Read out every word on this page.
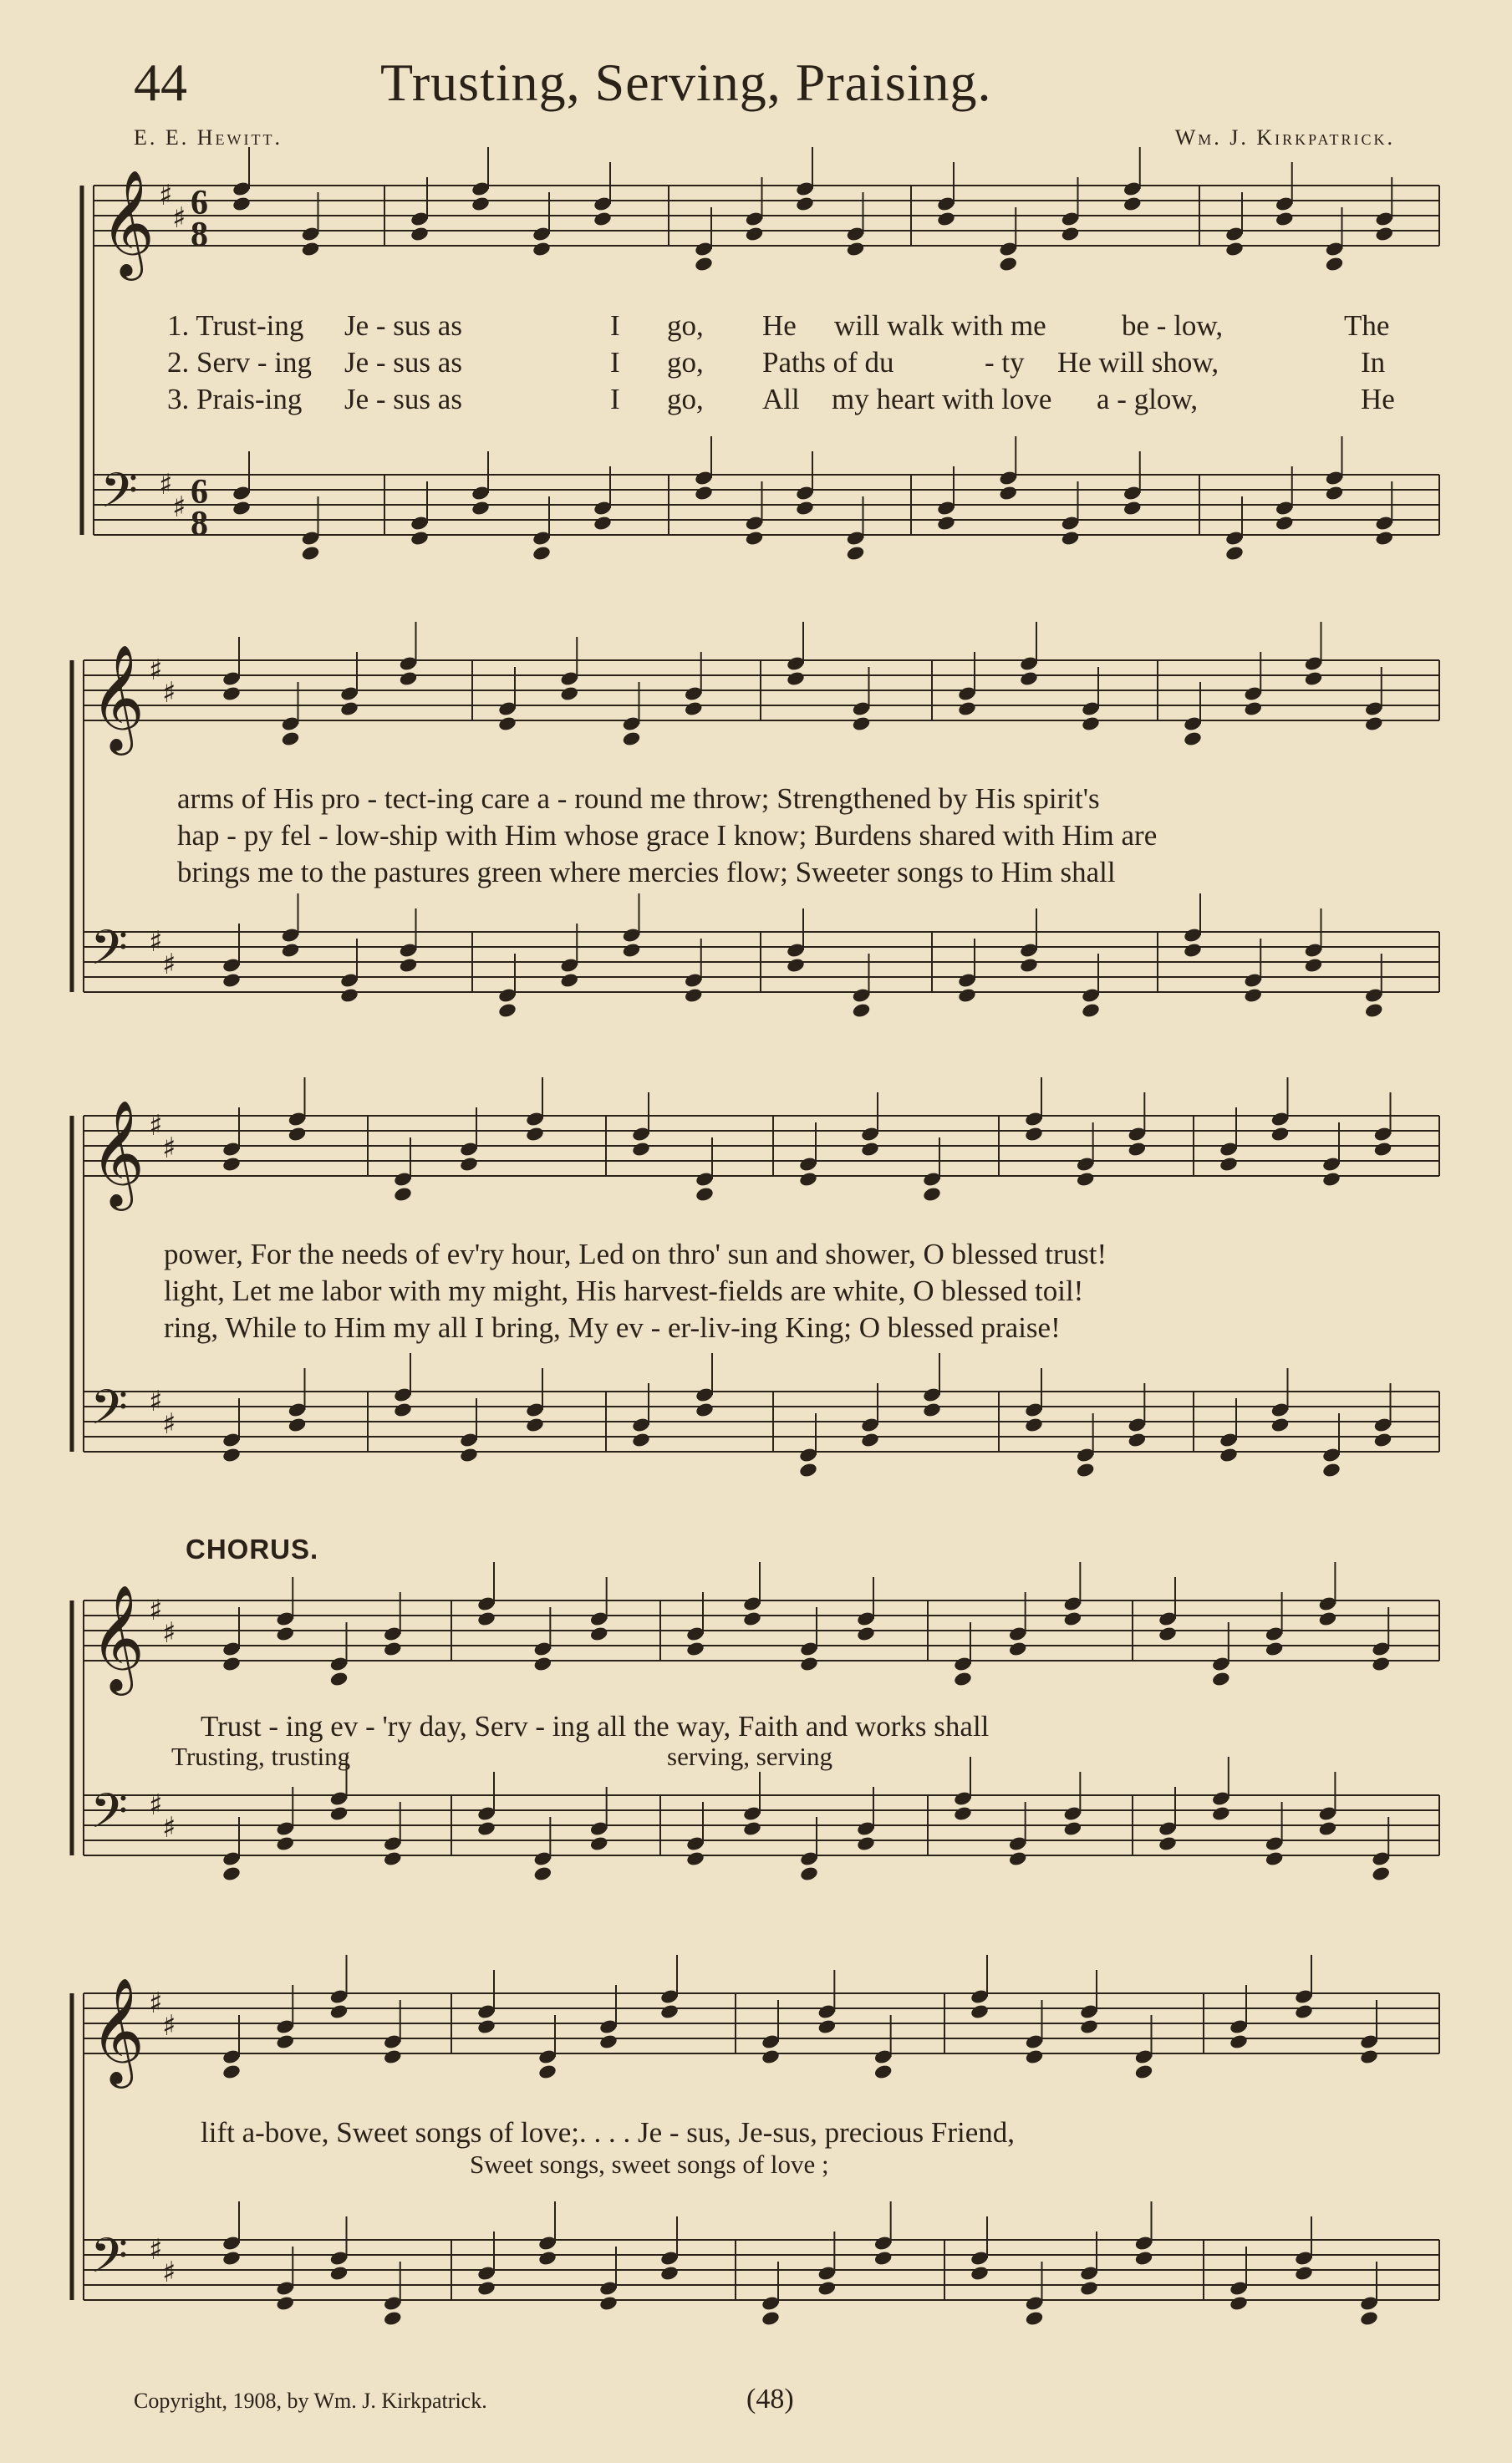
44	Trusting, Serving, Praising.
E. E. Hewitt.	Wm. J. Kirkpatrick.
𝄞 ♯
♯
𝄢 ♯
♯
𝄞 ♯
♯
𝄢 ♯
♯
𝄞 ♯
♯
𝄢 ♯
♯
𝄞 ♯
♯
𝄢 ♯
♯
𝄞 ♯
♯
𝄢 ♯
♯
6
8
6
8
1. Trust-ing Je - sus as	I go, He will walk with me	be - low,	The
2. Serv - ing Je - sus as	I go, Paths of du	- ty He will show,	In
3. Prais-ing Je - sus as	I go, All my heart with love a - glow,	He
arms of His pro - tect-ing care a - round me throw; Strengthened by His spirit's
hap - py fel - low-ship with Him whose grace I know; Burdens shared with Him are
brings me to the pastures green where mercies flow; Sweeter songs to Him shall
power, For the needs of ev'ry hour, Led on thro' sun and shower, O blessed trust!
light, Let me labor with my might, His harvest-fields are white, O blessed toil!
ring, While to Him my all I bring, My ev - er-liv-ing King; O blessed praise!
CHORUS.
Trust - ing ev - 'ry day, Serv - ing all the way, Faith and works shall
Trusting, trusting	serving, serving
lift a-bove, Sweet songs of love;. . . . Je - sus, Je-sus, precious Friend,
Sweet songs, sweet songs of love ;
Copyright, 1908, by Wm. J. Kirkpatrick.	(48)
